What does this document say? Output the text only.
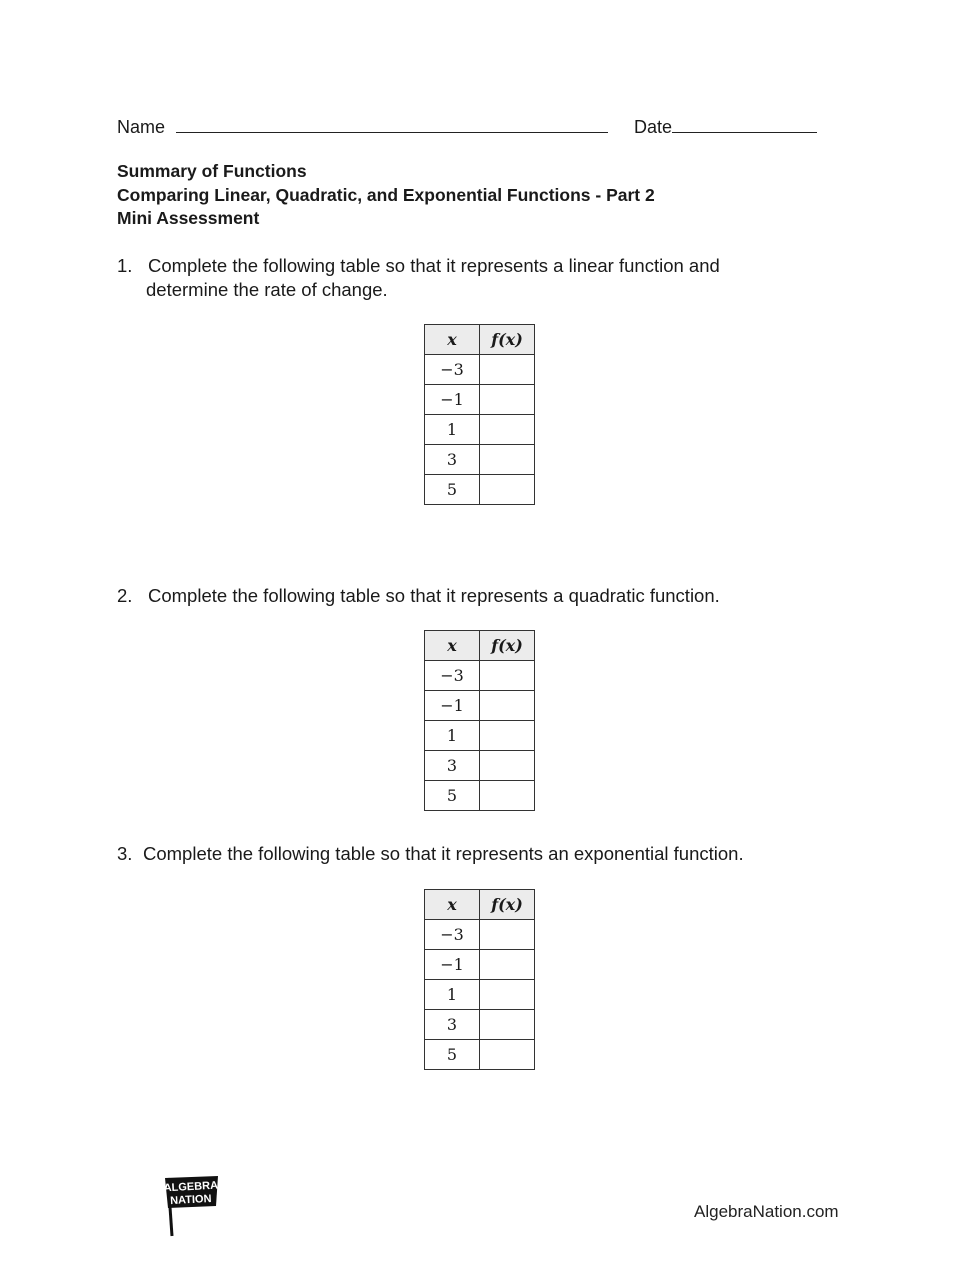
Name	Date
Summary of Functions
Comparing Linear, Quadratic, and Exponential Functions - Part 2
Mini Assessment
1. Complete the following table so that it represents a linear function and
determine the rate of change.
x	f(x)
−3	
−1	
1	
3	
5	
2. Complete the following table so that it represents a quadratic function.
x	f(x)
−3	
−1	
1	
3	
5	
3. Complete the following table so that it represents an exponential function.
x	f(x)
−3	
−1	
1	
3	
5	
ALGEBRA
NATION
AlgebraNation.com
